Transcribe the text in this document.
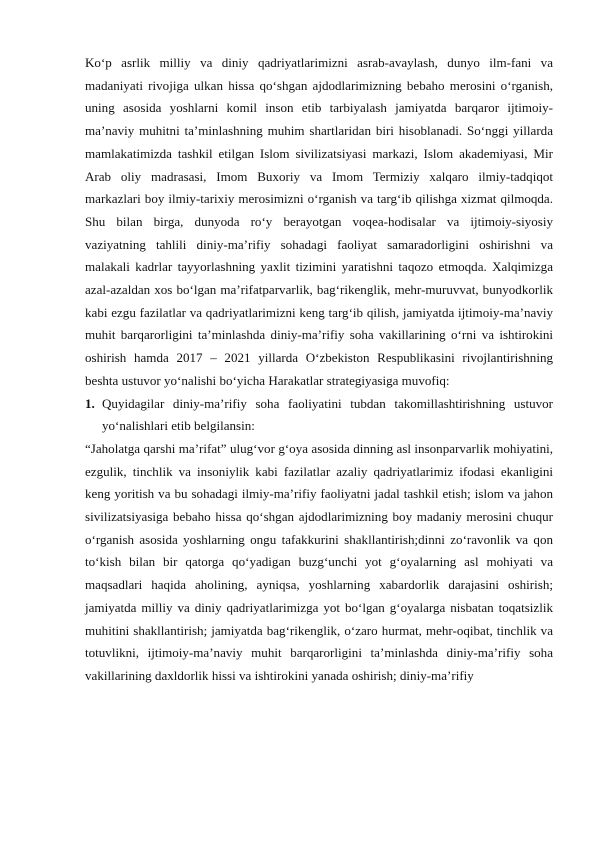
Ko‘p asrlik milliy va diniy qadriyatlarimizni asrab-avaylash, dunyo ilm-fani va madaniyati rivojiga ulkan hissa qo‘shgan ajdodlarimizning bebaho merosini o‘rganish, uning asosida yoshlarni komil inson etib tarbiyalash jamiyatda barqaror ijtimoiy-ma’naviy muhitni ta’minlashning muhim shartlaridan biri hisoblanadi. So‘nggi yillarda mamlakatimizda tashkil etilgan Islom sivilizatsiyasi markazi, Islom akademiyasi, Mir Arab oliy madrasasi, Imom Buxoriy va Imom Termiziy xalqaro ilmiy-tadqiqot markazlari boy ilmiy-tarixiy merosimizni o‘rganish va targ‘ib qilishga xizmat qilmoqda. Shu bilan birga, dunyoda ro‘y berayotgan voqea-hodisalar va ijtimoiy-siyosiy vaziyatning tahlili diniy-ma’rifiy sohadagi faoliyat samaradorligini oshirishni va malakali kadrlar tayyorlashning yaxlit tizimini yaratishni taqozo etmoqda. Xalqimizga azal-azaldan xos bo‘lgan ma’rifatparvarlik, bag‘rikenglik, mehr-muruvvat, bunyodkorlik kabi ezgu fazilatlar va qadriyatlarimizni keng targ‘ib qilish, jamiyatda ijtimoiy-ma’naviy muhit barqarorligini ta’minlashda diniy-ma’rifiy soha vakillarining o‘rni va ishtirokini oshirish hamda 2017 – 2021 yillarda O‘zbekiston Respublikasini rivojlantirishning beshta ustuvor yo‘nalishi bo‘yicha Harakatlar strategiyasiga muvofiq:

1. Quyidagilar diniy-ma’rifiy soha faoliyatini tubdan takomillashtirishning ustuvor yo‘nalishlari etib belgilansin:

“Jaholatga qarshi ma’rifat” ulug‘vor g‘oya asosida dinning asl insonparvarlik mohiyatini, ezgulik, tinchlik va insoniylik kabi fazilatlar azaliy qadriyatlarimiz ifodasi ekanligini keng yoritish va bu sohadagi ilmiy-ma’rifiy faoliyatni jadal tashkil etish; islom va jahon sivilizatsiyasiga bebaho hissa qo‘shgan ajdodlarimizning boy madaniy merosini chuqur o‘rganish asosida yoshlarning ongu tafakkurini shakllantirish;dinni zo‘ravonlik va qon to‘kish bilan bir qatorga qo‘yadigan buzg‘unchi yot g‘oyalarning asl mohiyati va maqsadlari haqida aholining, ayniqsa, yoshlarning xabardorlik darajasini oshirish; jamiyatda milliy va diniy qadriyatlarimizga yot bo‘lgan g‘oyalarga nisbatan toqatsizlik muhitini shakllantirish; jamiyatda bag‘rikenglik, o‘zaro hurmat, mehr-oqibat, tinchlik va totuvlikni, ijtimoiy-ma’naviy muhit barqarorligini ta’minlashda diniy-ma’rifiy soha vakillarining daxldorlik hissi va ishtirokini yanada oshirish; diniy-ma’rifiy
